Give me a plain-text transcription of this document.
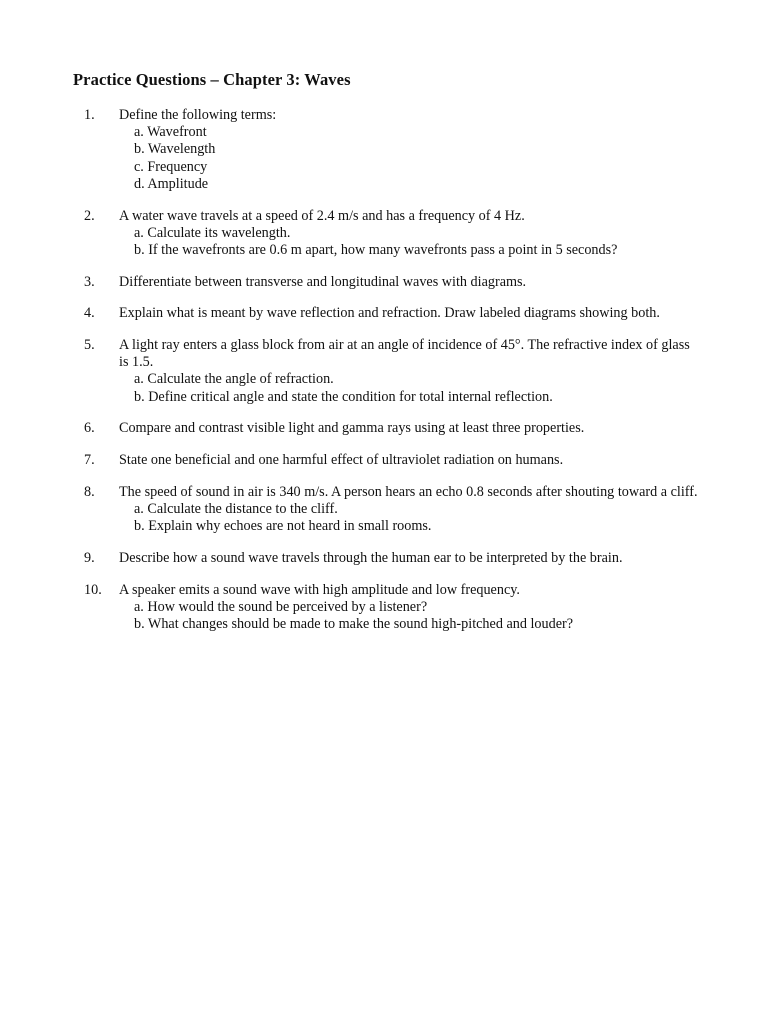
Practice Questions – Chapter 3: Waves
1.	Define the following terms:
a. Wavefront
b. Wavelength
c. Frequency
d. Amplitude
2.	A water wave travels at a speed of 2.4 m/s and has a frequency of 4 Hz.
a. Calculate its wavelength.
b. If the wavefronts are 0.6 m apart, how many wavefronts pass a point in 5 seconds?
3.	Differentiate between transverse and longitudinal waves with diagrams.
4.	Explain what is meant by wave reflection and refraction. Draw labeled diagrams showing both.
5.	A light ray enters a glass block from air at an angle of incidence of 45°. The refractive index of glass is 1.5.
a. Calculate the angle of refraction.
b. Define critical angle and state the condition for total internal reflection.
6.	Compare and contrast visible light and gamma rays using at least three properties.
7.	State one beneficial and one harmful effect of ultraviolet radiation on humans.
8.	The speed of sound in air is 340 m/s. A person hears an echo 0.8 seconds after shouting toward a cliff.
a. Calculate the distance to the cliff.
b. Explain why echoes are not heard in small rooms.
9.	Describe how a sound wave travels through the human ear to be interpreted by the brain.
10.	A speaker emits a sound wave with high amplitude and low frequency.
a. How would the sound be perceived by a listener?
b. What changes should be made to make the sound high-pitched and louder?
